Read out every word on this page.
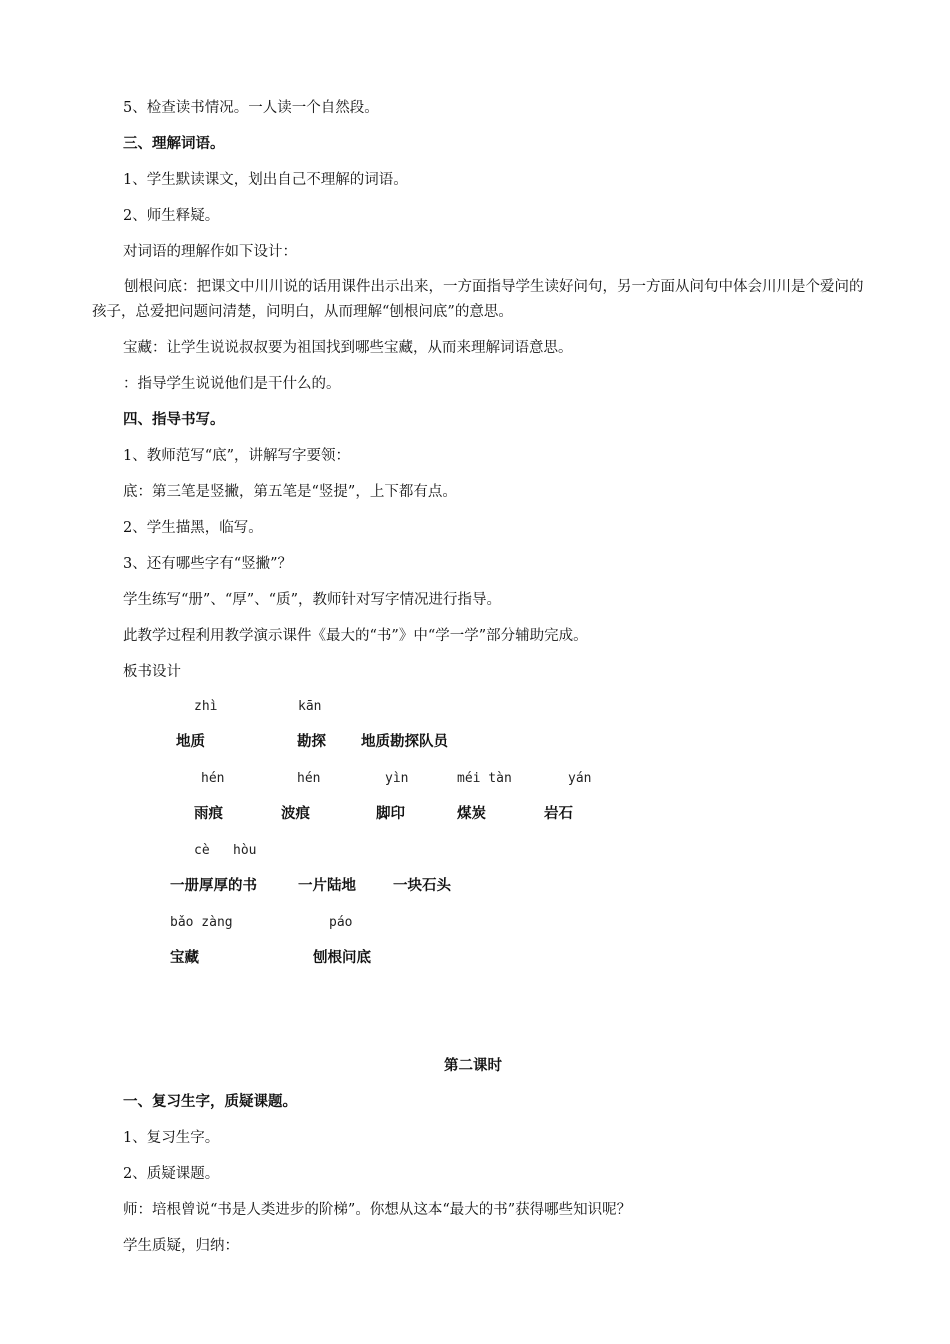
5、检查读书情况。一人读一个自然段。
三、理解词语。
1、学生默读课文，划出自己不理解的词语。
2、师生释疑。
对词语的理解作如下设计：
刨根问底：把课文中川川说的话用课件出示出来，一方面指导学生读好问句，另一方面从问句中体会川川是个爱问的孩子，总爱把问题问清楚，问明白，从而理解“刨根问底”的意思。
宝藏：让学生说说叔叔要为祖国找到哪些宝藏，从而来理解词语意思。
：指导学生说说他们是干什么的。
四、指导书写。
1、教师范写“底”，讲解写字要领：
底：第三笔是竖撇，第五笔是“竖提”，上下都有点。
2、学生描黑，临写。
3、还有哪些字有“竖撇”？
学生练写“册”、“厚”、“质”，教师针对写字情况进行指导。
此教学过程利用教学演示课件《最大的“书”》中“学一学”部分辅助完成。
板书设计
zhì	kān
地质	勘探 地质勘探队员
hén	hén	yìn	méi tàn	yán
雨痕	波痕	脚印	煤炭	岩石
cè hòu
一册厚厚的书	一片陆地	一块石头
bǎo zàng	páo
宝藏	刨根问底
第二课时
一、复习生字，质疑课题。
1、复习生字。
2、质疑课题。
师：培根曾说“书是人类进步的阶梯”。你想从这本“最大的书”获得哪些知识呢？
学生质疑，归纳：
